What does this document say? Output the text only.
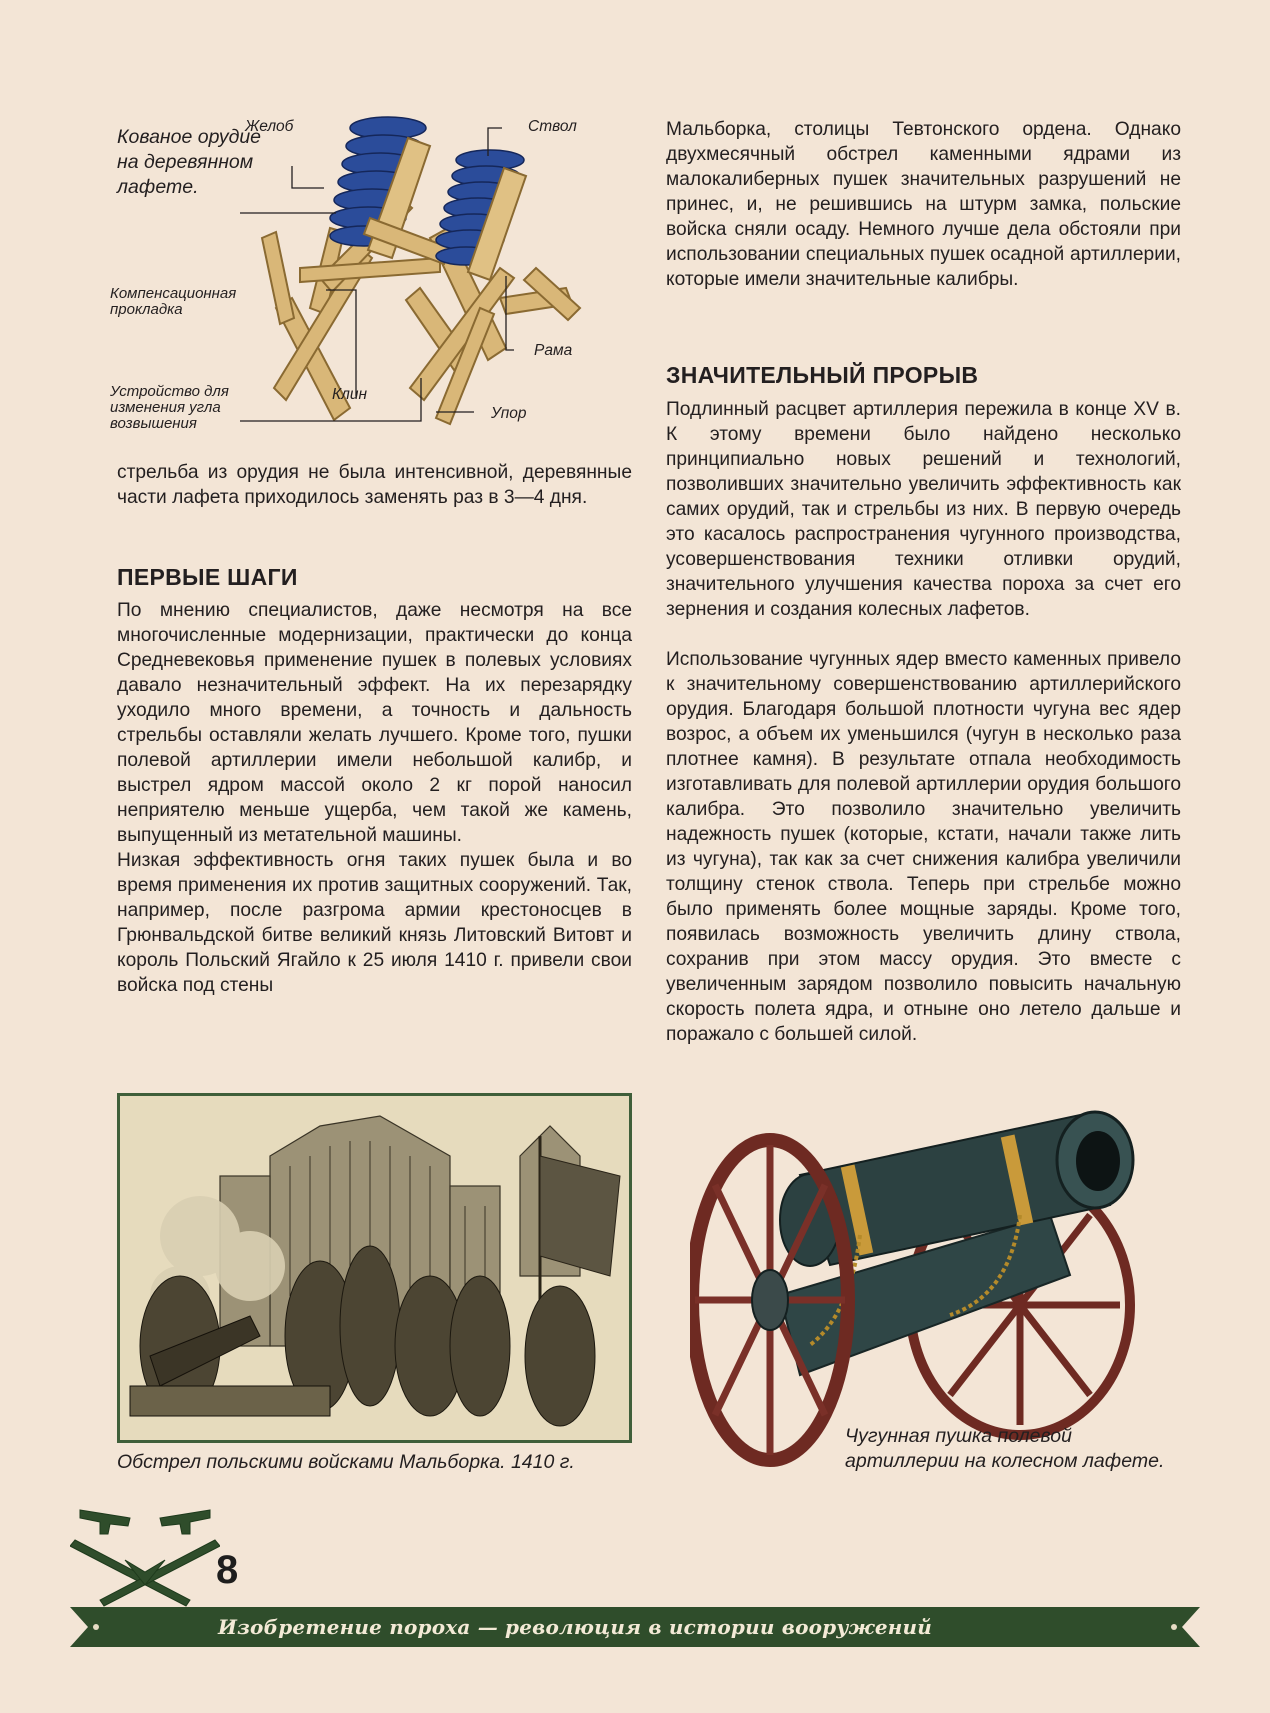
Кованое орудие на деревянном лафете.
Желоб	Ствол
Компенсационная прокладка
Рама
Устройство для изменения угла возвышения
Клин
Упор
стрельба из орудия не была интенсивной, деревянные части лафета приходилось заменять раз в 3—4 дня.
ПЕРВЫЕ ШАГИ
По мнению специалистов, даже несмотря на все многочисленные модернизации, практически до конца Средневековья применение пушек в полевых условиях давало незначительный эффект. На их перезарядку уходило много времени, а точность и дальность стрельбы оставляли желать лучшего. Кроме того, пушки полевой артиллерии имели небольшой калибр, и выстрел ядром массой около 2 кг порой наносил неприятелю меньше ущерба, чем такой же камень, выпущенный из метательной машины.
Низкая эффективность огня таких пушек была и во время применения их против защитных сооружений. Так, например, после разгрома армии крестоносцев в Грюнвальдской битве великий князь Литовский Витовт и король Польский Ягайло к 25 июля 1410 г. привели свои войска под стены
Мальборка, столицы Тевтонского ордена. Однако двухмесячный обстрел каменными ядрами из малокалиберных пушек значительных разрушений не принес, и, не решившись на штурм замка, польские войска сняли осаду. Немного лучше дела обстояли при использовании специальных пушек осадной артиллерии, которые имели значительные калибры.
ЗНАЧИТЕЛЬНЫЙ ПРОРЫВ
Подлинный расцвет артиллерия пережила в конце XV в. К этому времени было найдено несколько принципиально новых решений и технологий, позволивших значительно увеличить эффективность как самих орудий, так и стрельбы из них. В первую очередь это касалось распространения чугунного производства, усовершенствования техники отливки орудий, значительного улучшения качества пороха за счет его зернения и создания колесных лафетов.
Использование чугунных ядер вместо каменных привело к значительному совершенствованию артиллерийского орудия. Благодаря большой плотности чугуна вес ядер возрос, а объем их уменьшился (чугун в несколько раза плотнее камня). В результате отпала необходимость изготавливать для полевой артиллерии орудия большого калибра. Это позволило значительно увеличить надежность пушек (которые, кстати, начали также лить из чугуна), так как за счет снижения калибра увеличили толщину стенок ствола. Теперь при стрельбе можно было применять более мощные заряды. Кроме того, появилась возможность увеличить длину ствола, сохранив при этом массу орудия. Это вместе с увеличенным зарядом позволило повысить начальную скорость полета ядра, и отныне оно летело дальше и поражало с большей силой.
Обстрел польскими войсками Мальборка. 1410 г.
Чугунная пушка полевой артиллерии на колесном лафете.
8
Изобретение пороха — революция в истории вооружений
